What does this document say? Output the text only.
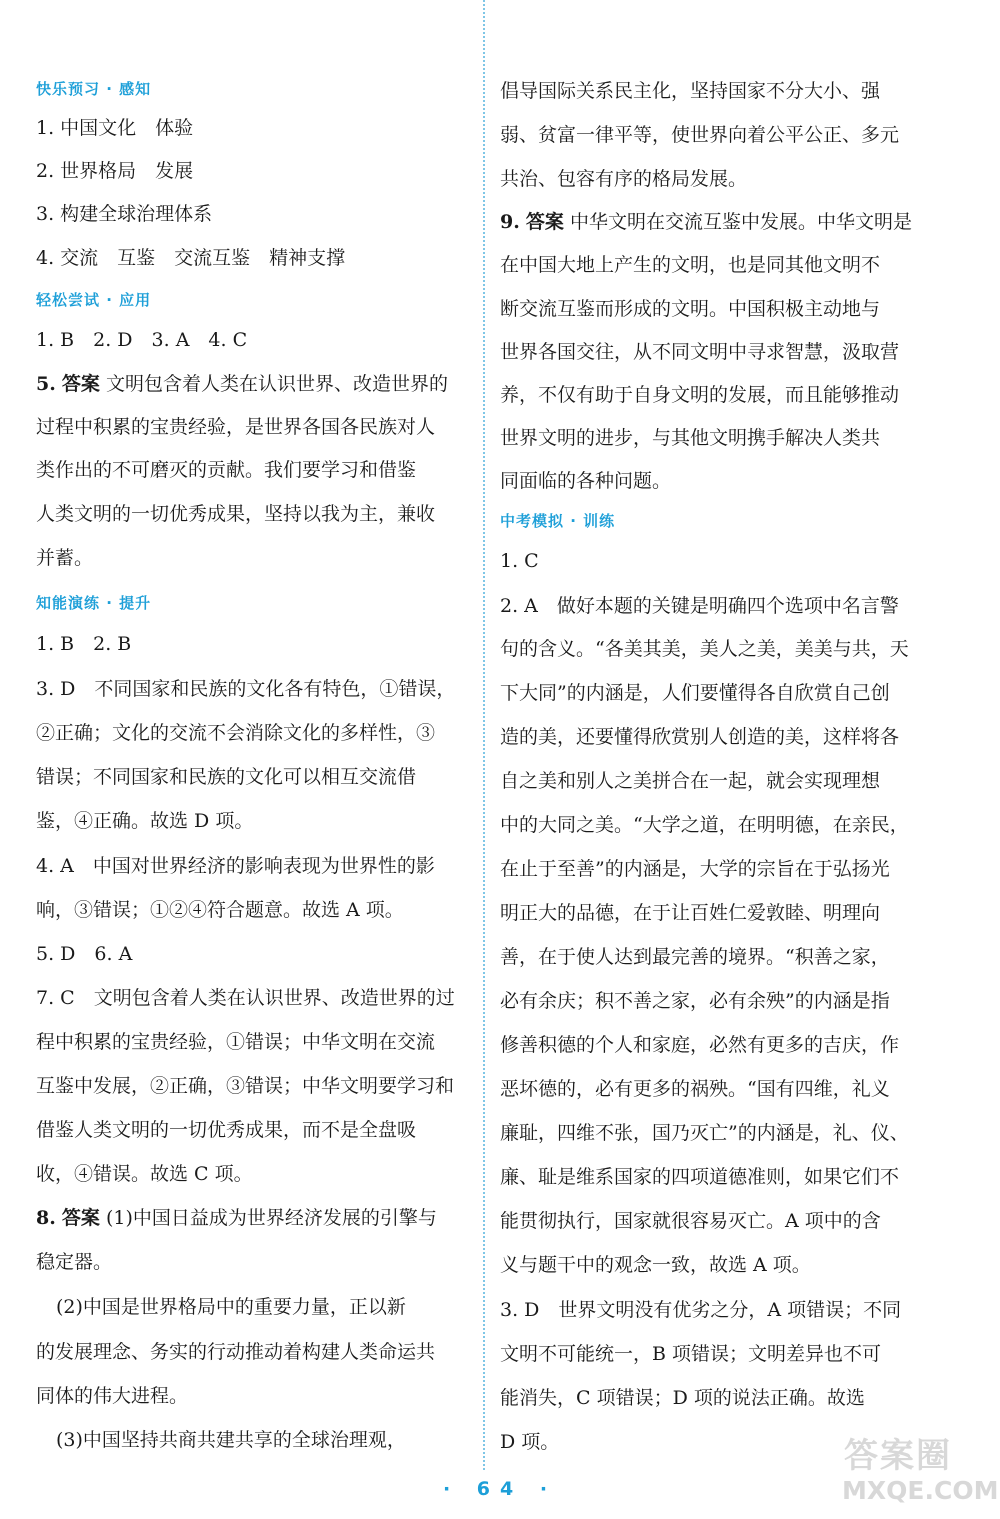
快乐预习 · 感知
1. 中国文化　体验
2. 世界格局　发展
3. 构建全球治理体系
4. 交流　互鉴　交流互鉴　精神支撑
轻松尝试 · 应用
1. B　2. D　3. A　4. C
5. 答案 文明包含着人类在认识世界、改造世界的
过程中积累的宝贵经验，是世界各国各民族对人
类作出的不可磨灭的贡献。我们要学习和借鉴
人类文明的一切优秀成果，坚持以我为主，兼收
并蓄。
知能演练 · 提升
1. B　2. B
3. D　不同国家和民族的文化各有特色，①错误，
②正确；文化的交流不会消除文化的多样性，③
错误；不同国家和民族的文化可以相互交流借
鉴，④正确。故选 D 项。
4. A　中国对世界经济的影响表现为世界性的影
响，③错误；①②④符合题意。故选 A 项。
5. D　6. A
7. C　文明包含着人类在认识世界、改造世界的过
程中积累的宝贵经验，①错误；中华文明在交流
互鉴中发展，②正确，③错误；中华文明要学习和
借鉴人类文明的一切优秀成果，而不是全盘吸
收，④错误。故选 C 项。
8. 答案 (1)中国日益成为世界经济发展的引擎与
稳定器。
(2)中国是世界格局中的重要力量，正以新
的发展理念、务实的行动推动着构建人类命运共
同体的伟大进程。
(3)中国坚持共商共建共享的全球治理观，
倡导国际关系民主化，坚持国家不分大小、强
弱、贫富一律平等，使世界向着公平公正、多元
共治、包容有序的格局发展。
9. 答案 中华文明在交流互鉴中发展。中华文明是
在中国大地上产生的文明，也是同其他文明不
断交流互鉴而形成的文明。中国积极主动地与
世界各国交往，从不同文明中寻求智慧，汲取营
养，不仅有助于自身文明的发展，而且能够推动
世界文明的进步，与其他文明携手解决人类共
同面临的各种问题。
中考模拟 · 训练
1. C
2. A　做好本题的关键是明确四个选项中名言警
句的含义。“各美其美，美人之美，美美与共，天
下大同”的内涵是，人们要懂得各自欣赏自己创
造的美，还要懂得欣赏别人创造的美，这样将各
自之美和别人之美拼合在一起，就会实现理想
中的大同之美。“大学之道，在明明德，在亲民，
在止于至善”的内涵是，大学的宗旨在于弘扬光
明正大的品德，在于让百姓仁爱敦睦、明理向
善，在于使人达到最完善的境界。“积善之家，
必有余庆；积不善之家，必有余殃”的内涵是指
修善积德的个人和家庭，必然有更多的吉庆，作
恶坏德的，必有更多的祸殃。“国有四维，礼义
廉耻，四维不张，国乃灭亡”的内涵是，礼、仪、
廉、耻是维系国家的四项道德准则，如果它们不
能贯彻执行，国家就很容易灭亡。A 项中的含
义与题干中的观念一致，故选 A 项。
3. D　世界文明没有优劣之分，A 项错误；不同
文明不可能统一，B 项错误；文明差异也不可
能消失，C 项错误；D 项的说法正确。故选
D 项。
· 64 ·
答案圈
MXQE.COM
